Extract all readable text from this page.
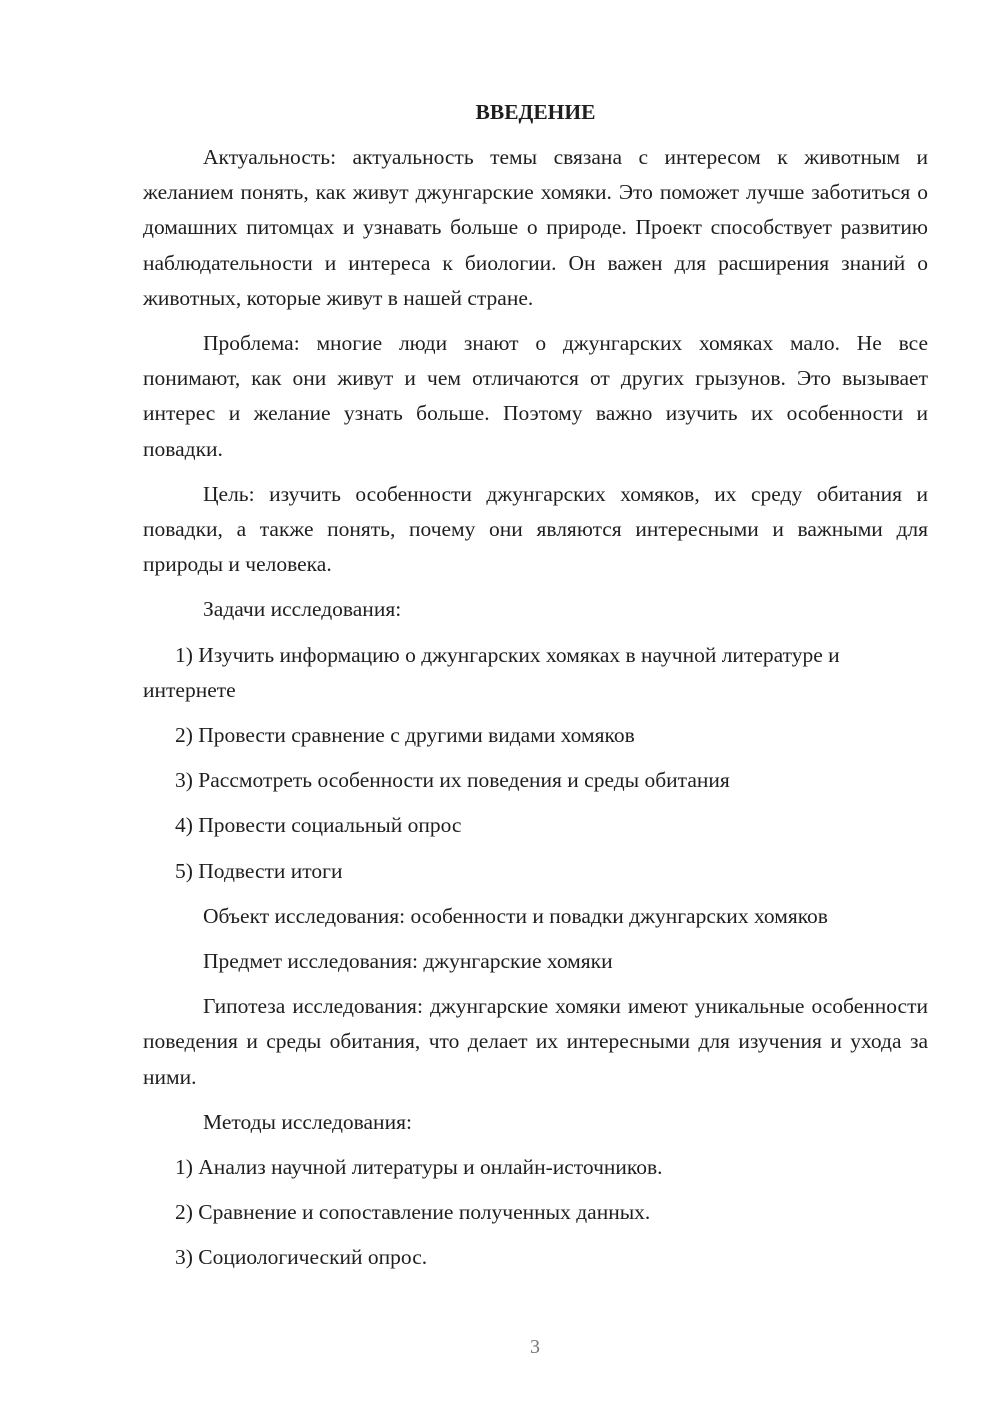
ВВЕДЕНИЕ

Актуальность: актуальность темы связана с интересом к животным и желанием понять, как живут джунгарские хомяки. Это поможет лучше заботиться о домашних питомцах и узнавать больше о природе. Проект способствует развитию наблюдательности и интереса к биологии. Он важен для расширения знаний о животных, которые живут в нашей стране.

Проблема: многие люди знают о джунгарских хомяках мало. Не все понимают, как они живут и чем отличаются от других грызунов. Это вызывает интерес и желание узнать больше. Поэтому важно изучить их особенности и повадки.

Цель: изучить особенности джунгарских хомяков, их среду обитания и повадки, а также понять, почему они являются интересными и важными для природы и человека.

Задачи исследования:

1) Изучить информацию о джунгарских хомяках в научной литературе и интернете

2) Провести сравнение с другими видами хомяков

3) Рассмотреть особенности их поведения и среды обитания

4) Провести социальный опрос

5) Подвести итоги

Объект исследования: особенности и повадки джунгарских хомяков

Предмет исследования: джунгарские хомяки

Гипотеза исследования: джунгарские хомяки имеют уникальные особенности поведения и среды обитания, что делает их интересными для изучения и ухода за ними.

Методы исследования:

1) Анализ научной литературы и онлайн-источников.

2) Сравнение и сопоставление полученных данных.

3) Социологический опрос.

3
